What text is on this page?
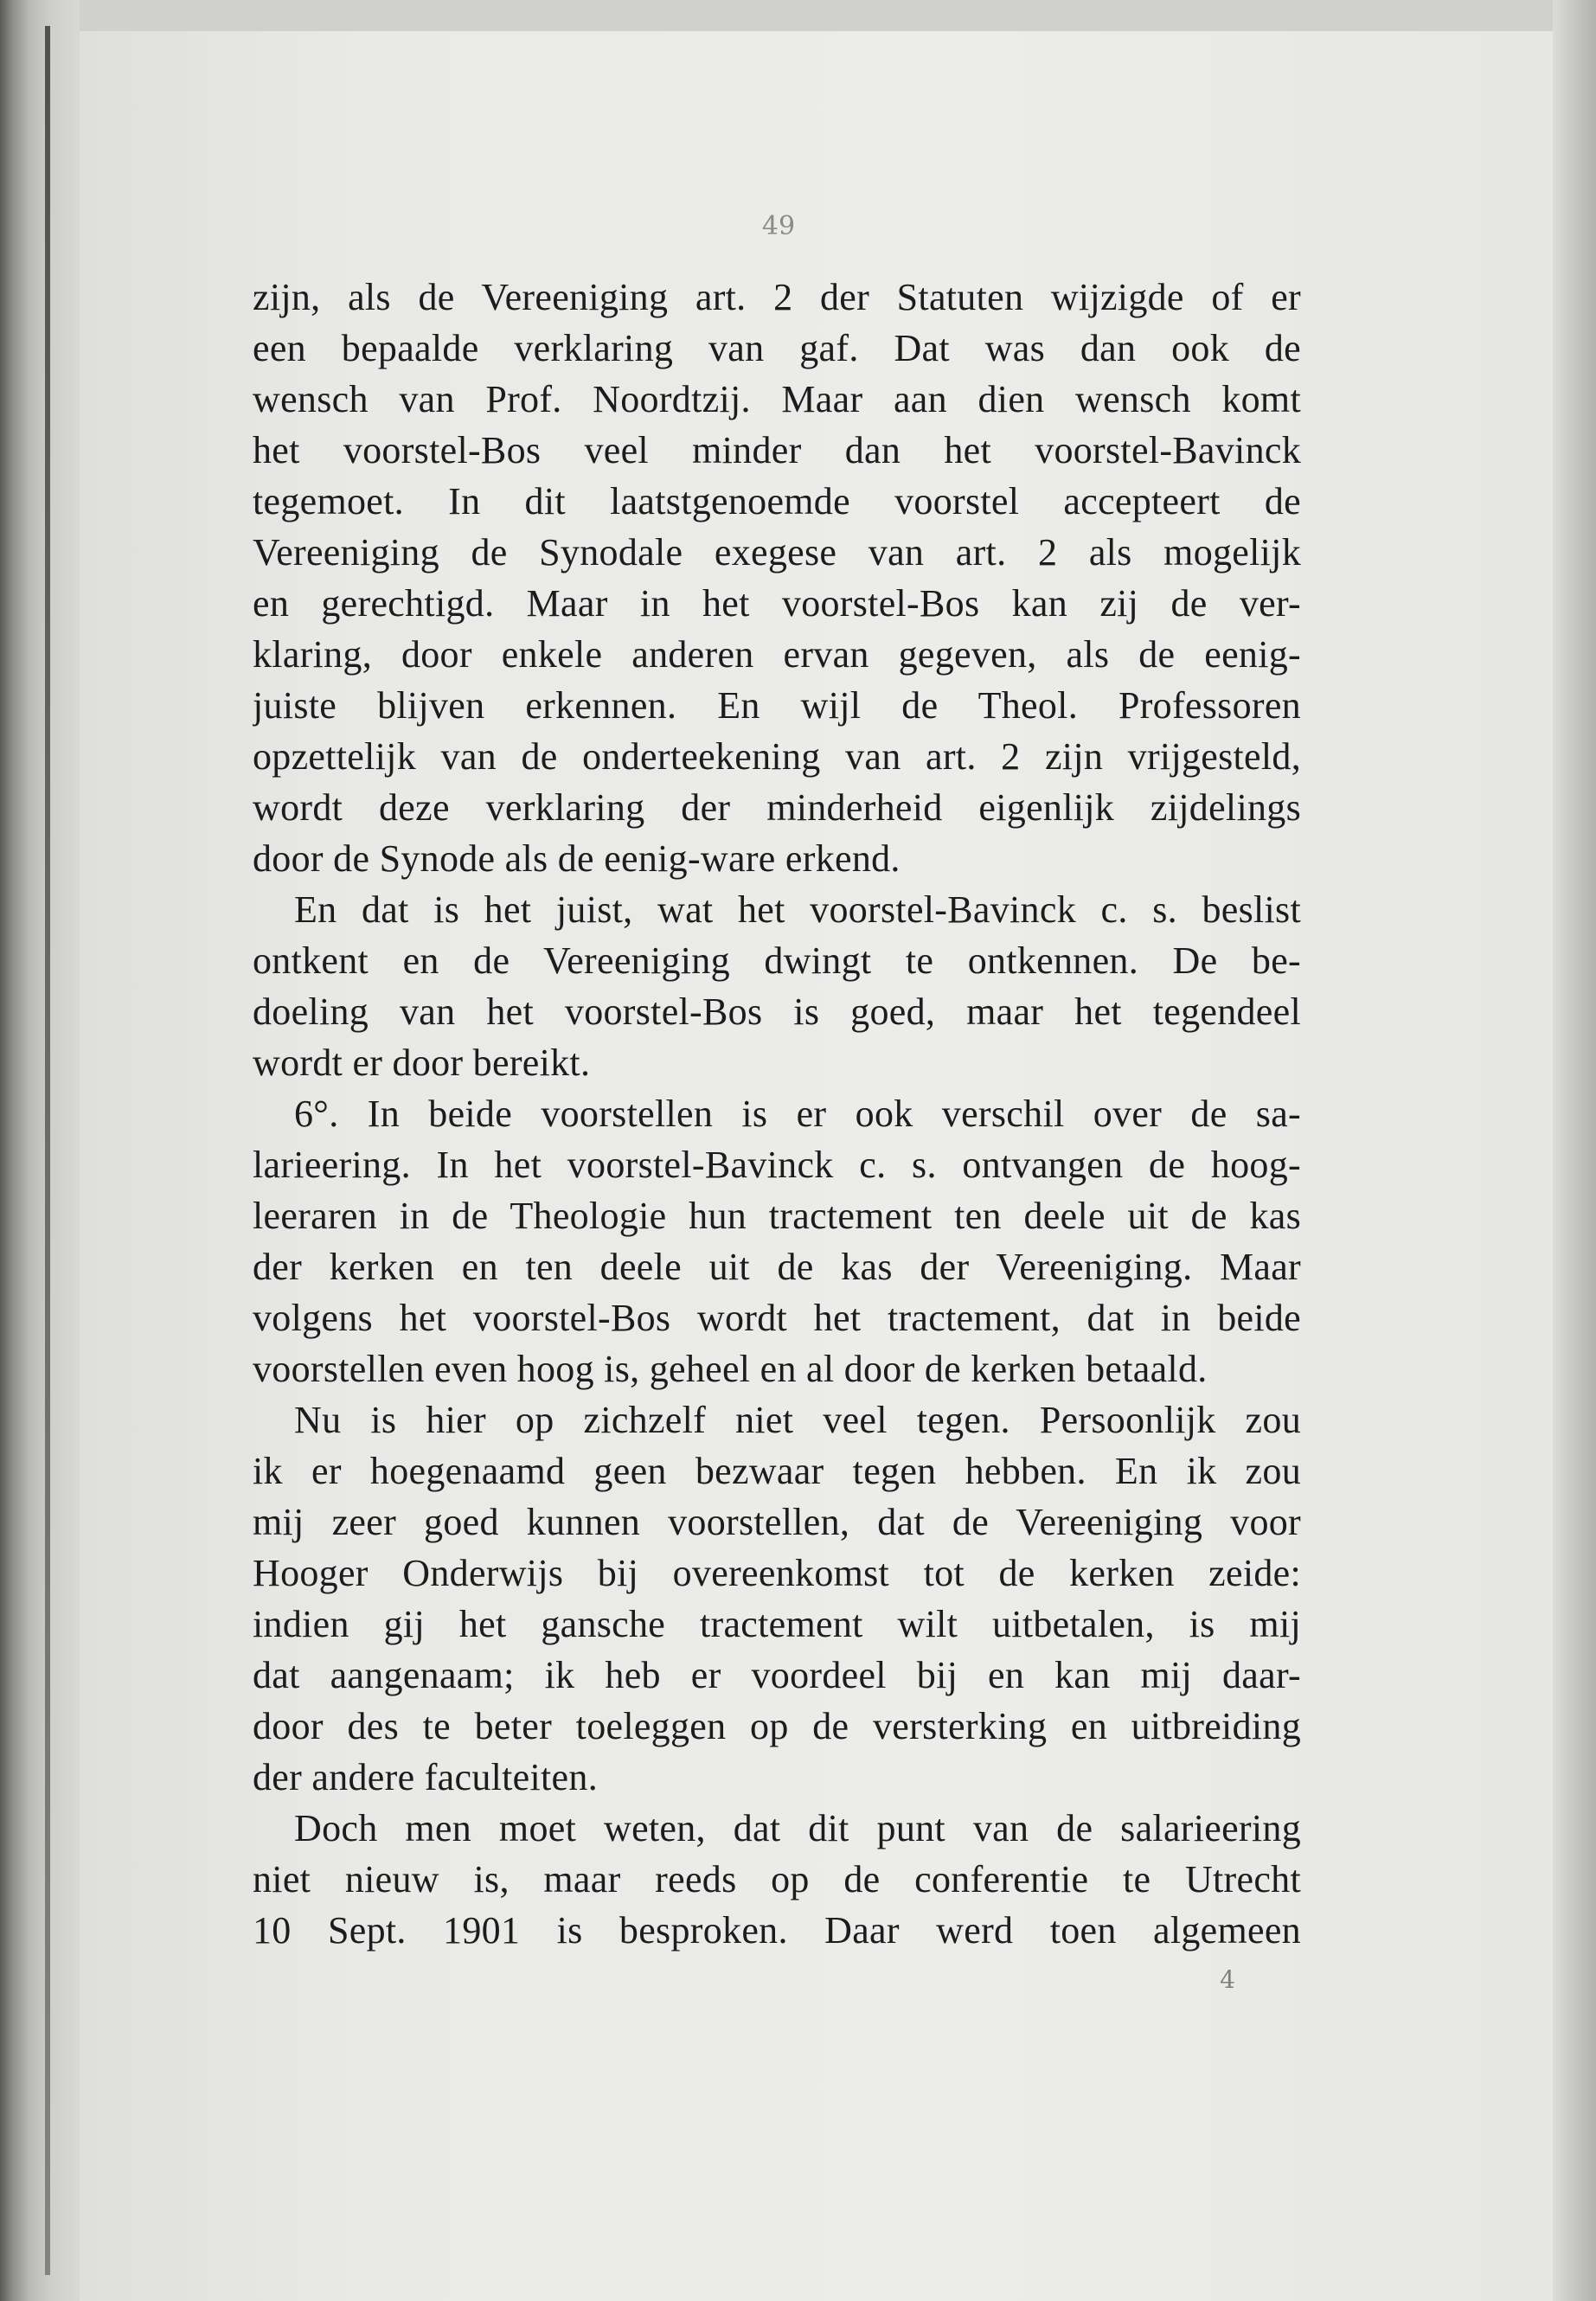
49
zijn, als de Vereeniging art. 2 der Statuten wijzigde of er
een bepaalde verklaring van gaf. Dat was dan ook de
wensch van Prof. Noordtzij. Maar aan dien wensch komt
het voorstel-Bos veel minder dan het voorstel-Bavinck
tegemoet. In dit laatstgenoemde voorstel accepteert de
Vereeniging de Synodale exegese van art. 2 als mogelijk
en gerechtigd. Maar in het voorstel-Bos kan zij de ver-
klaring, door enkele anderen ervan gegeven, als de eenig-
juiste blijven erkennen. En wijl de Theol. Professoren
opzettelijk van de onderteekening van art. 2 zijn vrijgesteld,
wordt deze verklaring der minderheid eigenlijk zijdelings
door de Synode als de eenig-ware erkend.
En dat is het juist, wat het voorstel-Bavinck c. s. beslist
ontkent en de Vereeniging dwingt te ontkennen. De be-
doeling van het voorstel-Bos is goed, maar het tegendeel
wordt er door bereikt.
6°. In beide voorstellen is er ook verschil over de sa-
larieering. In het voorstel-Bavinck c. s. ontvangen de hoog-
leeraren in de Theologie hun tractement ten deele uit de kas
der kerken en ten deele uit de kas der Vereeniging. Maar
volgens het voorstel-Bos wordt het tractement, dat in beide
voorstellen even hoog is, geheel en al door de kerken betaald.
Nu is hier op zichzelf niet veel tegen. Persoonlijk zou
ik er hoegenaamd geen bezwaar tegen hebben. En ik zou
mij zeer goed kunnen voorstellen, dat de Vereeniging voor
Hooger Onderwijs bij overeenkomst tot de kerken zeide:
indien gij het gansche tractement wilt uitbetalen, is mij
dat aangenaam; ik heb er voordeel bij en kan mij daar-
door des te beter toeleggen op de versterking en uitbreiding
der andere faculteiten.
Doch men moet weten, dat dit punt van de salarieering
niet nieuw is, maar reeds op de conferentie te Utrecht
10 Sept. 1901 is besproken. Daar werd toen algemeen
4
